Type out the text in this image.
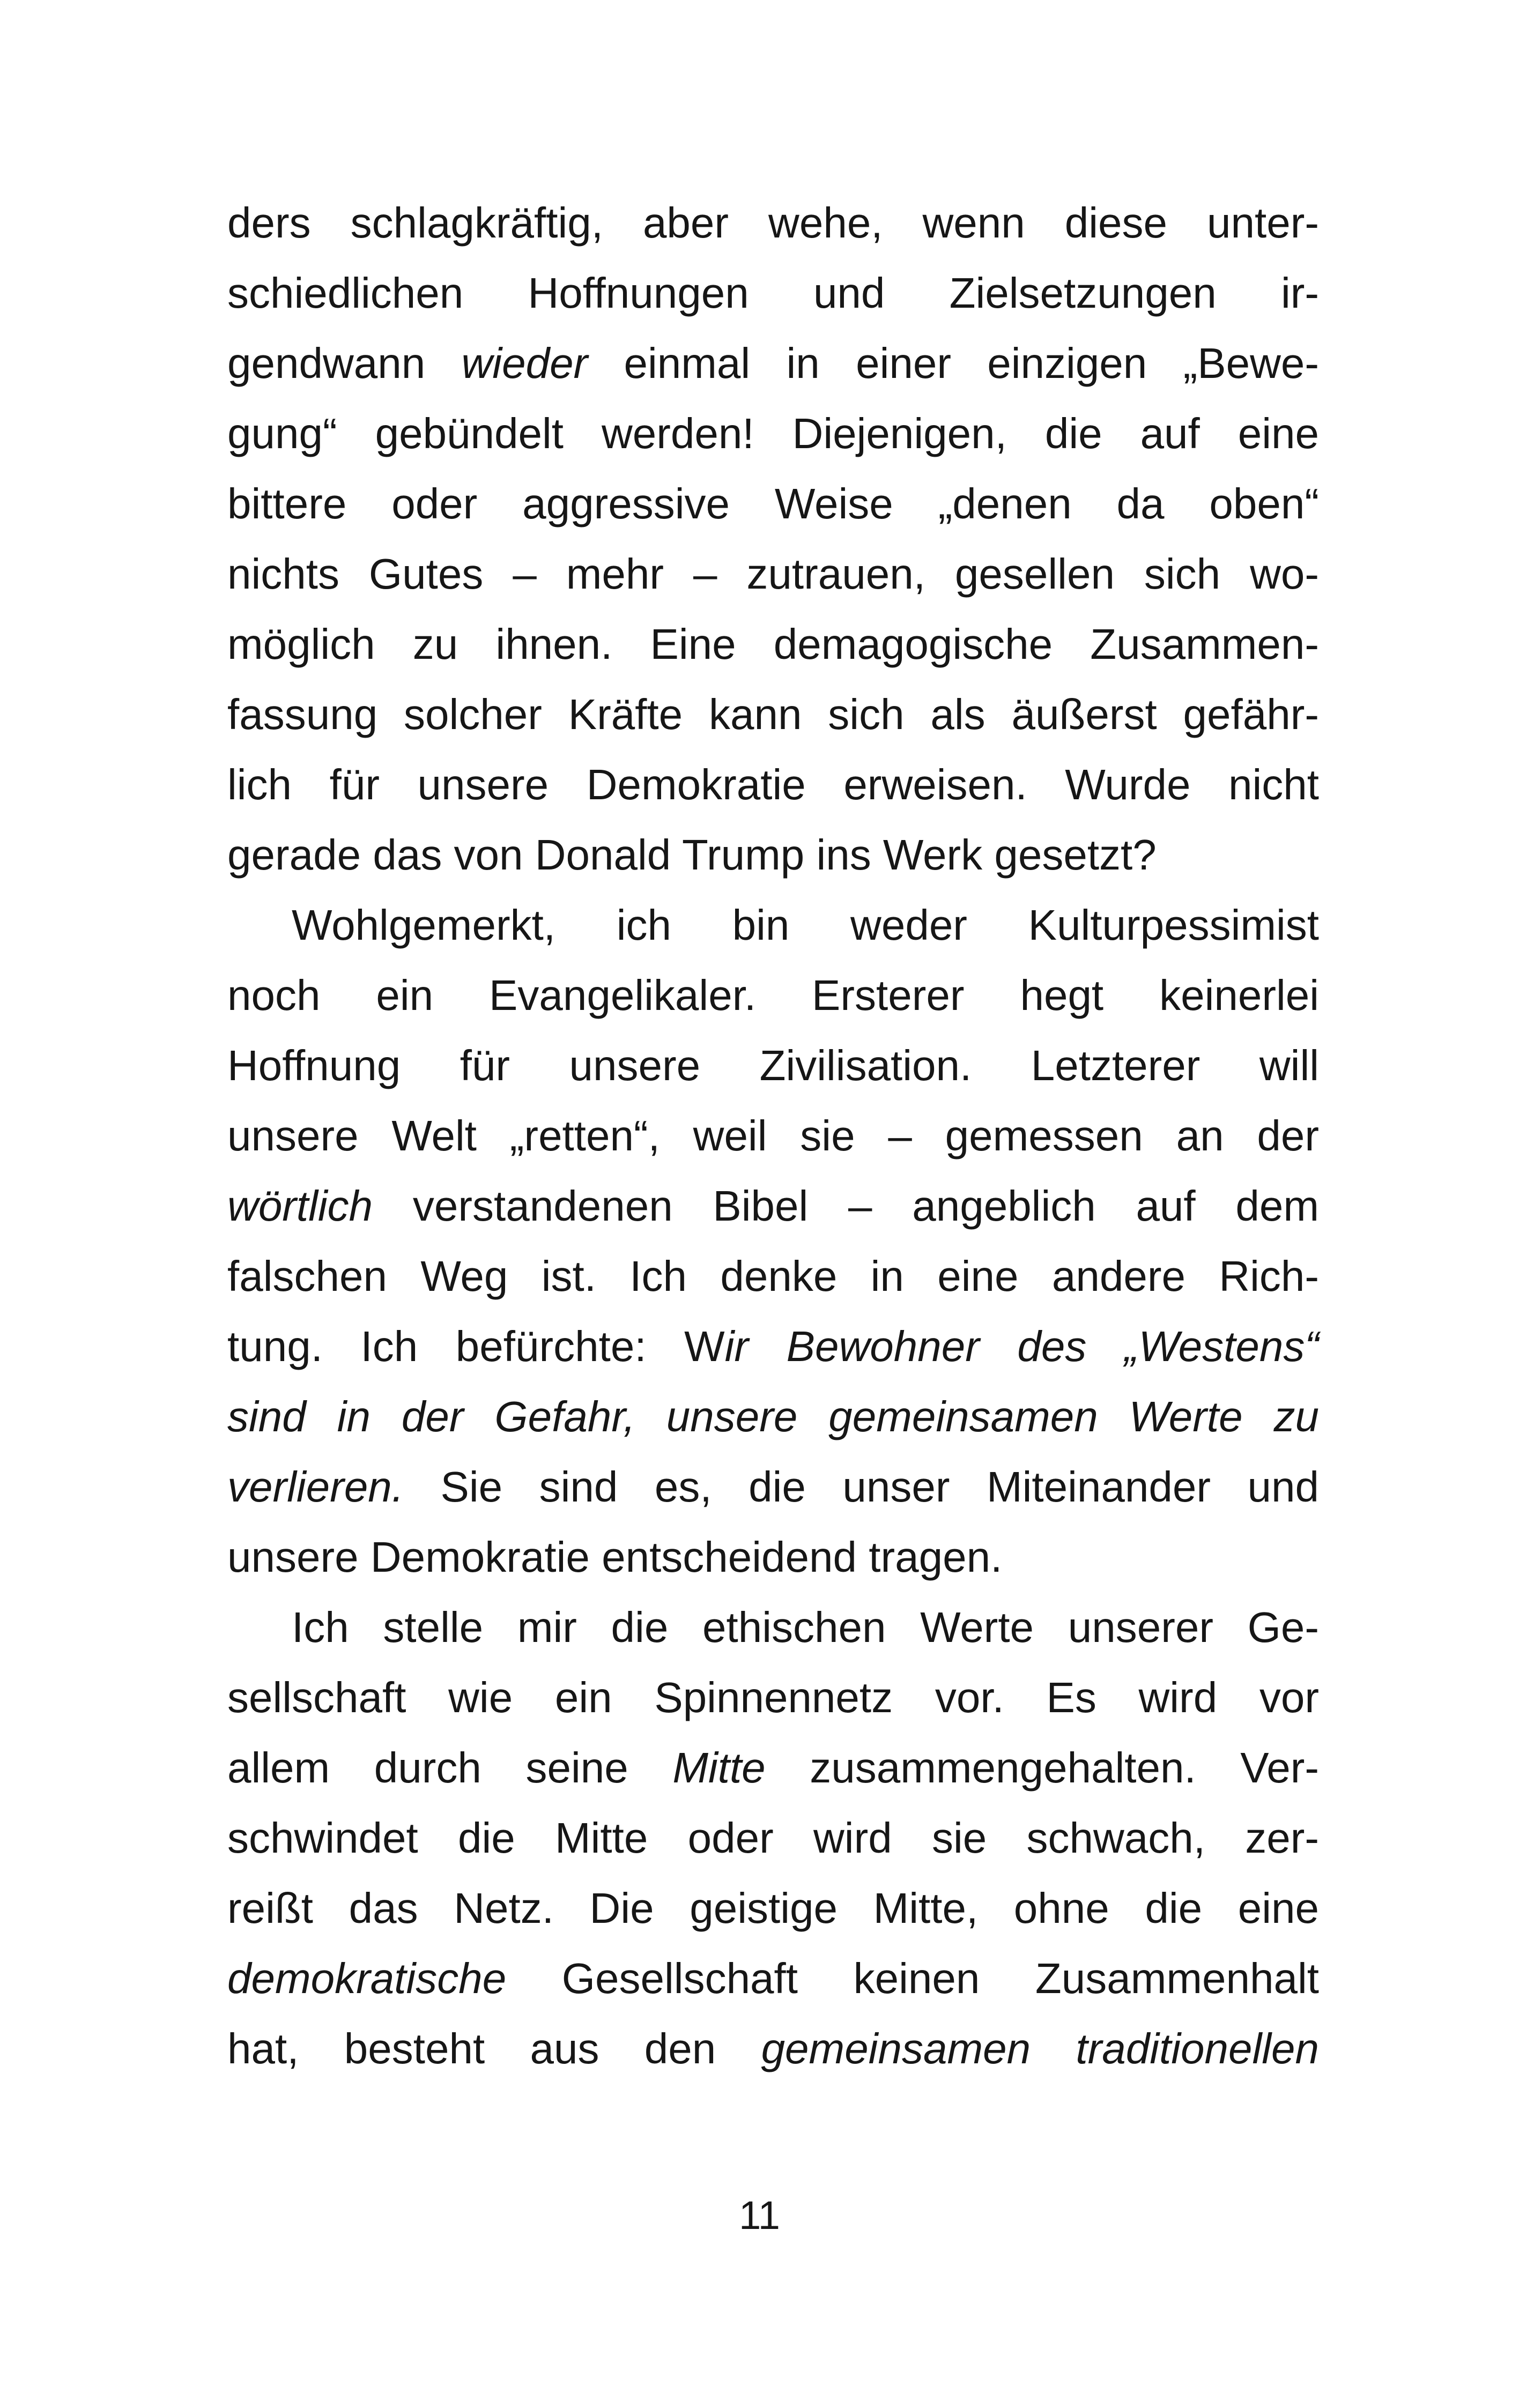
ders schlagkräftig, aber wehe, wenn diese unter-
schiedlichen Hoffnungen und Zielsetzungen ir-
gendwann wieder einmal in einer einzigen „Bewe-
gung“ gebündelt werden! Diejenigen, die auf eine
bittere oder aggressive Weise „denen da oben“
nichts Gutes – mehr – zutrauen, gesellen sich wo-
möglich zu ihnen. Eine demagogische Zusammen-
fassung solcher Kräfte kann sich als äußerst gefähr-
lich für unsere Demokratie erweisen. Wurde nicht
gerade das von Donald Trump ins Werk gesetzt?
Wohlgemerkt, ich bin weder Kulturpessimist
noch ein Evangelikaler. Ersterer hegt keinerlei
Hoffnung für unsere Zivilisation. Letzterer will
unsere Welt „retten“, weil sie – gemessen an der
wörtlich verstandenen Bibel – angeblich auf dem
falschen Weg ist. Ich denke in eine andere Rich-
tung. Ich befürchte: Wir Bewohner des „Westens“
sind in der Gefahr, unsere gemeinsamen Werte zu
verlieren. Sie sind es, die unser Miteinander und
unsere Demokratie entscheidend tragen.
Ich stelle mir die ethischen Werte unserer Ge-
sellschaft wie ein Spinnennetz vor. Es wird vor
allem durch seine Mitte zusammengehalten. Ver-
schwindet die Mitte oder wird sie schwach, zer-
reißt das Netz. Die geistige Mitte, ohne die eine
demokratische Gesellschaft keinen Zusammenhalt
hat, besteht aus den gemeinsamen traditionellen
11
